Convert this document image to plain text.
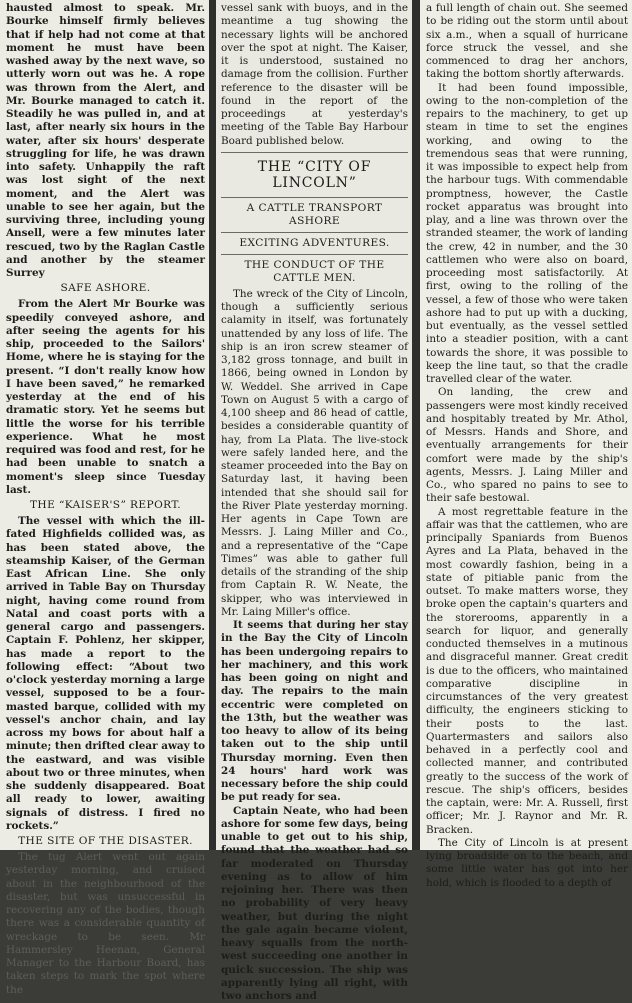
hausted almost to speak. Mr. Bourke himself firmly believes that if help had not come at that moment he must have been washed away by the next wave, so utterly worn out was he. A rope was thrown from the Alert, and Mr. Bourke managed to catch it. Steadily he was pulled in, and at last, after nearly six hours in the water, after six hours' desperate struggling for life, he was drawn into safety. Unhappily the raft was lost sight of the next moment, and the Alert was unable to see her again, but the surviving three, including young Ansell, were a few minutes later rescued, two by the Raglan Castle and another by the steamer Surrey

SAFE ASHORE.

From the Alert Mr Bourke was speedily conveyed ashore, and after seeing the agents for his ship, proceeded to the Sailors' Home, where he is staying for the present. “I don't really know how I have been saved,” he remarked yesterday at the end of his dramatic story. Yet he seems but little the worse for his terrible experience. What he most required was food and rest, for he had been unable to snatch a moment's sleep since Tuesday last.

THE “KAISER'S” REPORT.

The vessel with which the ill-fated Highfields collided was, as has been stated above, the steamship Kaiser, of the German East African Line. She only arrived in Table Bay on Thursday night, having come round from Natal and coast ports with a general cargo and passengers. Captain F. Pohlenz, her skipper, has made a report to the following effect: “About two o'clock yesterday morning a large vessel, supposed to be a four-masted barque, collided with my vessel's anchor chain, and lay across my bows for about half a minute; then drifted clear away to the eastward, and was visible about two or three minutes, when she suddenly disappeared. Boat all ready to lower, awaiting signals of distress. I fired no rockets.”

THE SITE OF THE DISASTER.

The tug Alert went out again yesterday morning, and cruised about in the neighbourhood of the disaster, but was unsuccessful in recovering any of the bodies, though there was a considerable quantity of wreckage to be seen. Mr Hammersley Heenan, General Manager to the Harbour Board, has taken steps to mark the spot where the

vessel sank with buoys, and in the meantime a tug showing the necessary lights will be anchored over the spot at night. The Kaiser, it is understood, sustained no damage from the collision. Further reference to the disaster will be found in the report of the proceedings at yesterday's meeting of the Table Bay Harbour Board published below.

THE “CITY OF LINCOLN”
A CATTLE TRANSPORT ASHORE
EXCITING ADVENTURES.
THE CONDUCT OF THE CATTLE MEN.

The wreck of the City of Lincoln, though a sufficiently serious calamity in itself, was fortunately unattended by any loss of life. The ship is an iron screw steamer of 3,182 gross tonnage, and built in 1866, being owned in London by W. Weddel. She arrived in Cape Town on August 5 with a cargo of 4,100 sheep and 86 head of cattle, besides a considerable quantity of hay, from La Plata. The live-stock were safely landed here, and the steamer proceeded into the Bay on Saturday last, it having been intended that she should sail for the River Plate yesterday morning. Her agents in Cape Town are Messrs. J. Laing Miller and Co., and a representative of the “Cape Times” was able to gather full details of the stranding of the ship from Captain R. W. Neate, the skipper, who was interviewed in Mr. Laing Miller's office.

It seems that during her stay in the Bay the City of Lincoln has been undergoing repairs to her machinery, and this work has been going on night and day. The repairs to the main eccentric were completed on the 13th, but the weather was too heavy to allow of its being taken out to the ship until Thursday morning. Even then 24 hours' hard work was necessary before the ship could be put ready for sea.

Captain Neate, who had been ashore for some few days, being unable to get out to his ship, found that the weather had so far moderated on Thursday evening as to allow of him rejoining her. There was then no probability of very heavy weather, but during the night the gale again became violent, heavy squalls from the north-west succeeding one another in quick succession. The ship was apparently lying all right, with two anchors and

a full length of chain out. She seemed to be riding out the storm until about six a.m., when a squall of hurricane force struck the vessel, and she commenced to drag her anchors, taking the bottom shortly afterwards.

It had been found impossible, owing to the non-completion of the repairs to the machinery, to get up steam in time to set the engines working, and owing to the tremendous seas that were running, it was impossible to expect help from the harbour tugs. With commendable promptness, however, the Castle rocket apparatus was brought into play, and a line was thrown over the stranded steamer, the work of landing the crew, 42 in number, and the 30 cattlemen who were also on board, proceeding most satisfactorily. At first, owing to the rolling of the vessel, a few of those who were taken ashore had to put up with a ducking, but eventually, as the vessel settled into a steadier position, with a cant towards the shore, it was possible to keep the line taut, so that the cradle travelled clear of the water.

On landing, the crew and passengers were most kindly received and hospitably treated by Mr. Athol, of Messrs. Hands and Shore, and eventually arrangements for their comfort were made by the ship's agents, Messrs. J. Laing Miller and Co., who spared no pains to see to their safe bestowal.

A most regrettable feature in the affair was that the cattlemen, who are principally Spaniards from Buenos Ayres and La Plata, behaved in the most cowardly fashion, being in a state of pitiable panic from the outset. To make matters worse, they broke open the captain's quarters and the storerooms, apparently in a search for liquor, and generally conducted themselves in a mutinous and disgraceful manner. Great credit is due to the officers, who maintained comparative discipline in circumstances of the very greatest difficulty, the engineers sticking to their posts to the last. Quartermasters and sailors also behaved in a perfectly cool and collected manner, and contributed greatly to the success of the work of rescue. The ship's officers, besides the captain, were: Mr. A. Russell, first officer; Mr. J. Raynor and Mr. R. Bracken.

The City of Lincoln is at present lying broadside on to the beach, and some little water has got into her hold, which is flooded to a depth of
